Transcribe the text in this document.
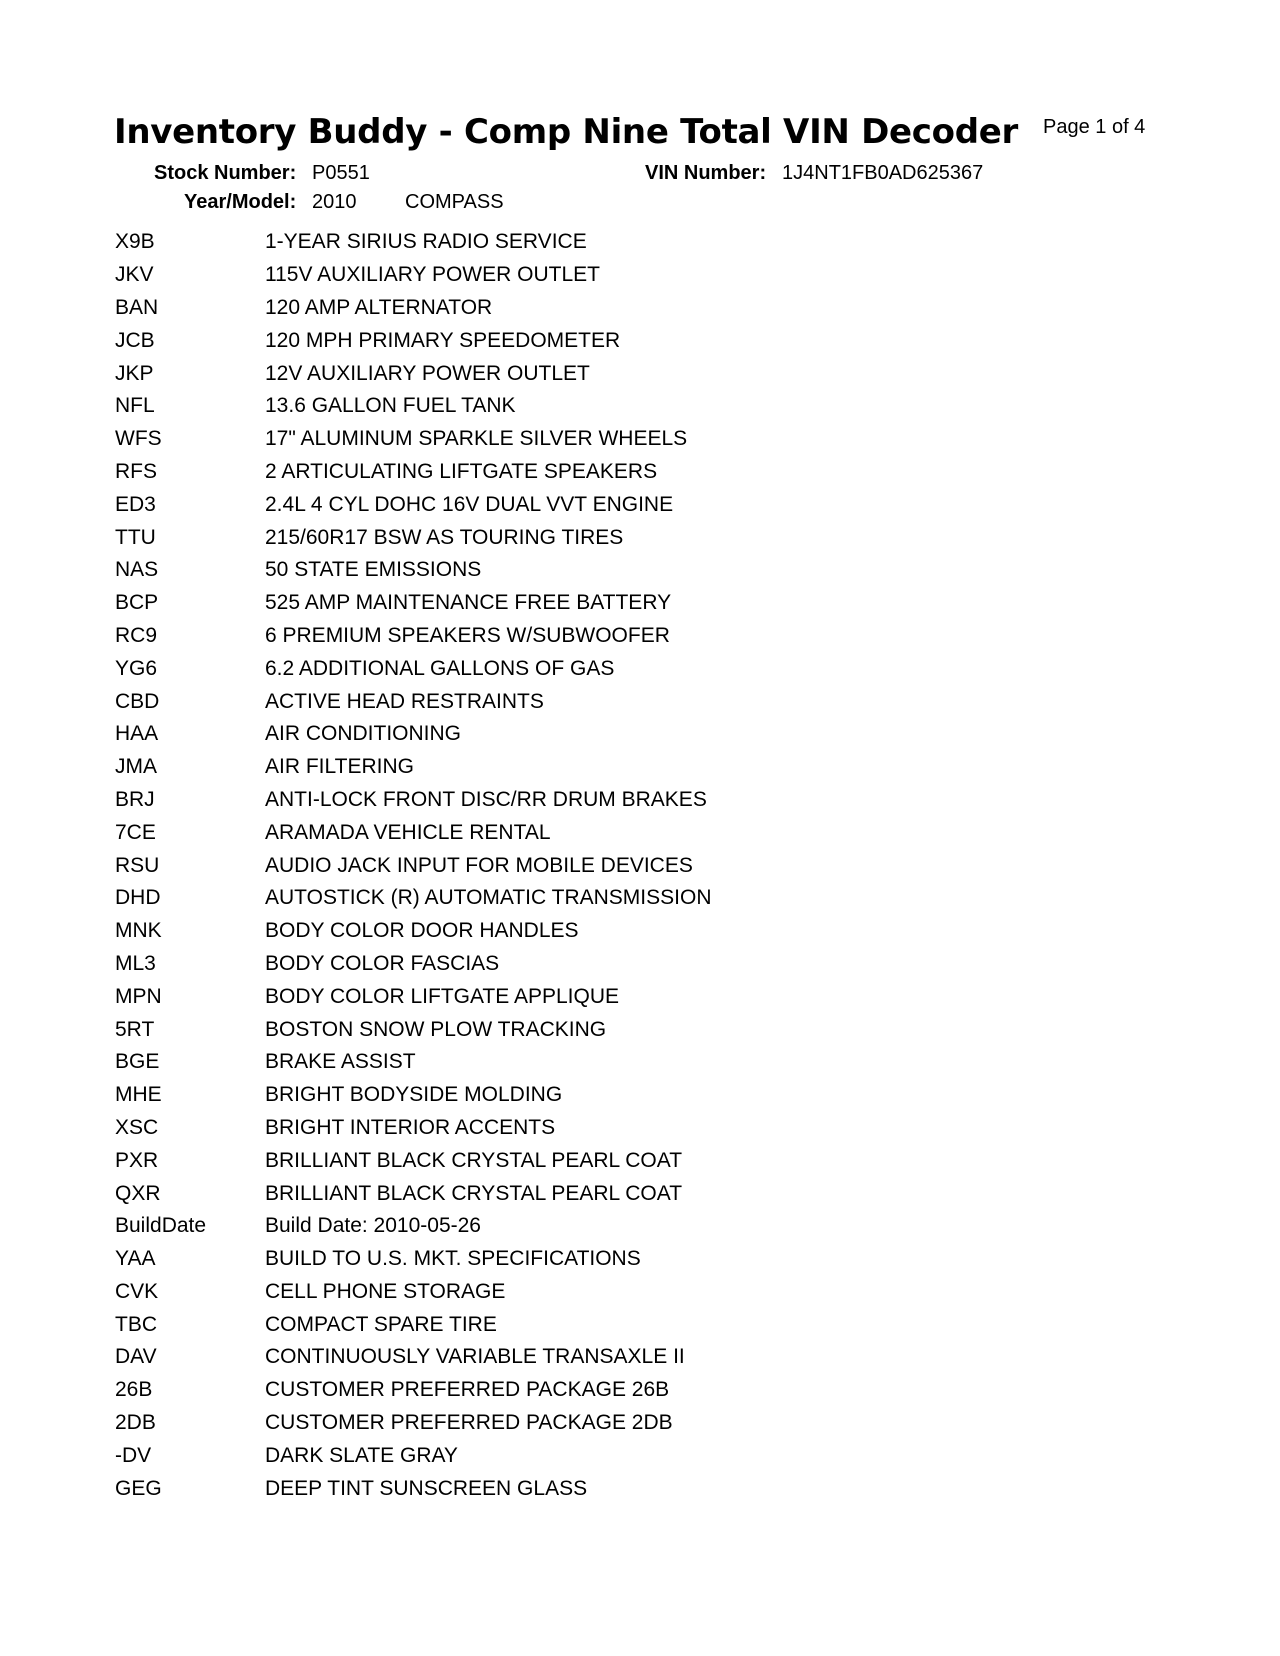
Inventory Buddy - Comp Nine Total VIN Decoder Page 1 of 4
Stock Number: P0551	VIN Number: 1J4NT1FB0AD625367
Year/Model: 2010 COMPASS
X9B	1-YEAR SIRIUS RADIO SERVICE
JKV	115V AUXILIARY POWER OUTLET
BAN	120 AMP ALTERNATOR
JCB	120 MPH PRIMARY SPEEDOMETER
JKP	12V AUXILIARY POWER OUTLET
NFL	13.6 GALLON FUEL TANK
WFS	17" ALUMINUM SPARKLE SILVER WHEELS
RFS	2 ARTICULATING LIFTGATE SPEAKERS
ED3	2.4L 4 CYL DOHC 16V DUAL VVT ENGINE
TTU	215/60R17 BSW AS TOURING TIRES
NAS	50 STATE EMISSIONS
BCP	525 AMP MAINTENANCE FREE BATTERY
RC9	6 PREMIUM SPEAKERS W/SUBWOOFER
YG6	6.2 ADDITIONAL GALLONS OF GAS
CBD	ACTIVE HEAD RESTRAINTS
HAA	AIR CONDITIONING
JMA	AIR FILTERING
BRJ	ANTI-LOCK FRONT DISC/RR DRUM BRAKES
7CE	ARAMADA VEHICLE RENTAL
RSU	AUDIO JACK INPUT FOR MOBILE DEVICES
DHD	AUTOSTICK (R) AUTOMATIC TRANSMISSION
MNK	BODY COLOR DOOR HANDLES
ML3	BODY COLOR FASCIAS
MPN	BODY COLOR LIFTGATE APPLIQUE
5RT	BOSTON SNOW PLOW TRACKING
BGE	BRAKE ASSIST
MHE	BRIGHT BODYSIDE MOLDING
XSC	BRIGHT INTERIOR ACCENTS
PXR	BRILLIANT BLACK CRYSTAL PEARL COAT
QXR	BRILLIANT BLACK CRYSTAL PEARL COAT
BuildDate	Build Date: 2010-05-26
YAA	BUILD TO U.S. MKT. SPECIFICATIONS
CVK	CELL PHONE STORAGE
TBC	COMPACT SPARE TIRE
DAV	CONTINUOUSLY VARIABLE TRANSAXLE II
26B	CUSTOMER PREFERRED PACKAGE 26B
2DB	CUSTOMER PREFERRED PACKAGE 2DB
-DV	DARK SLATE GRAY
GEG	DEEP TINT SUNSCREEN GLASS
